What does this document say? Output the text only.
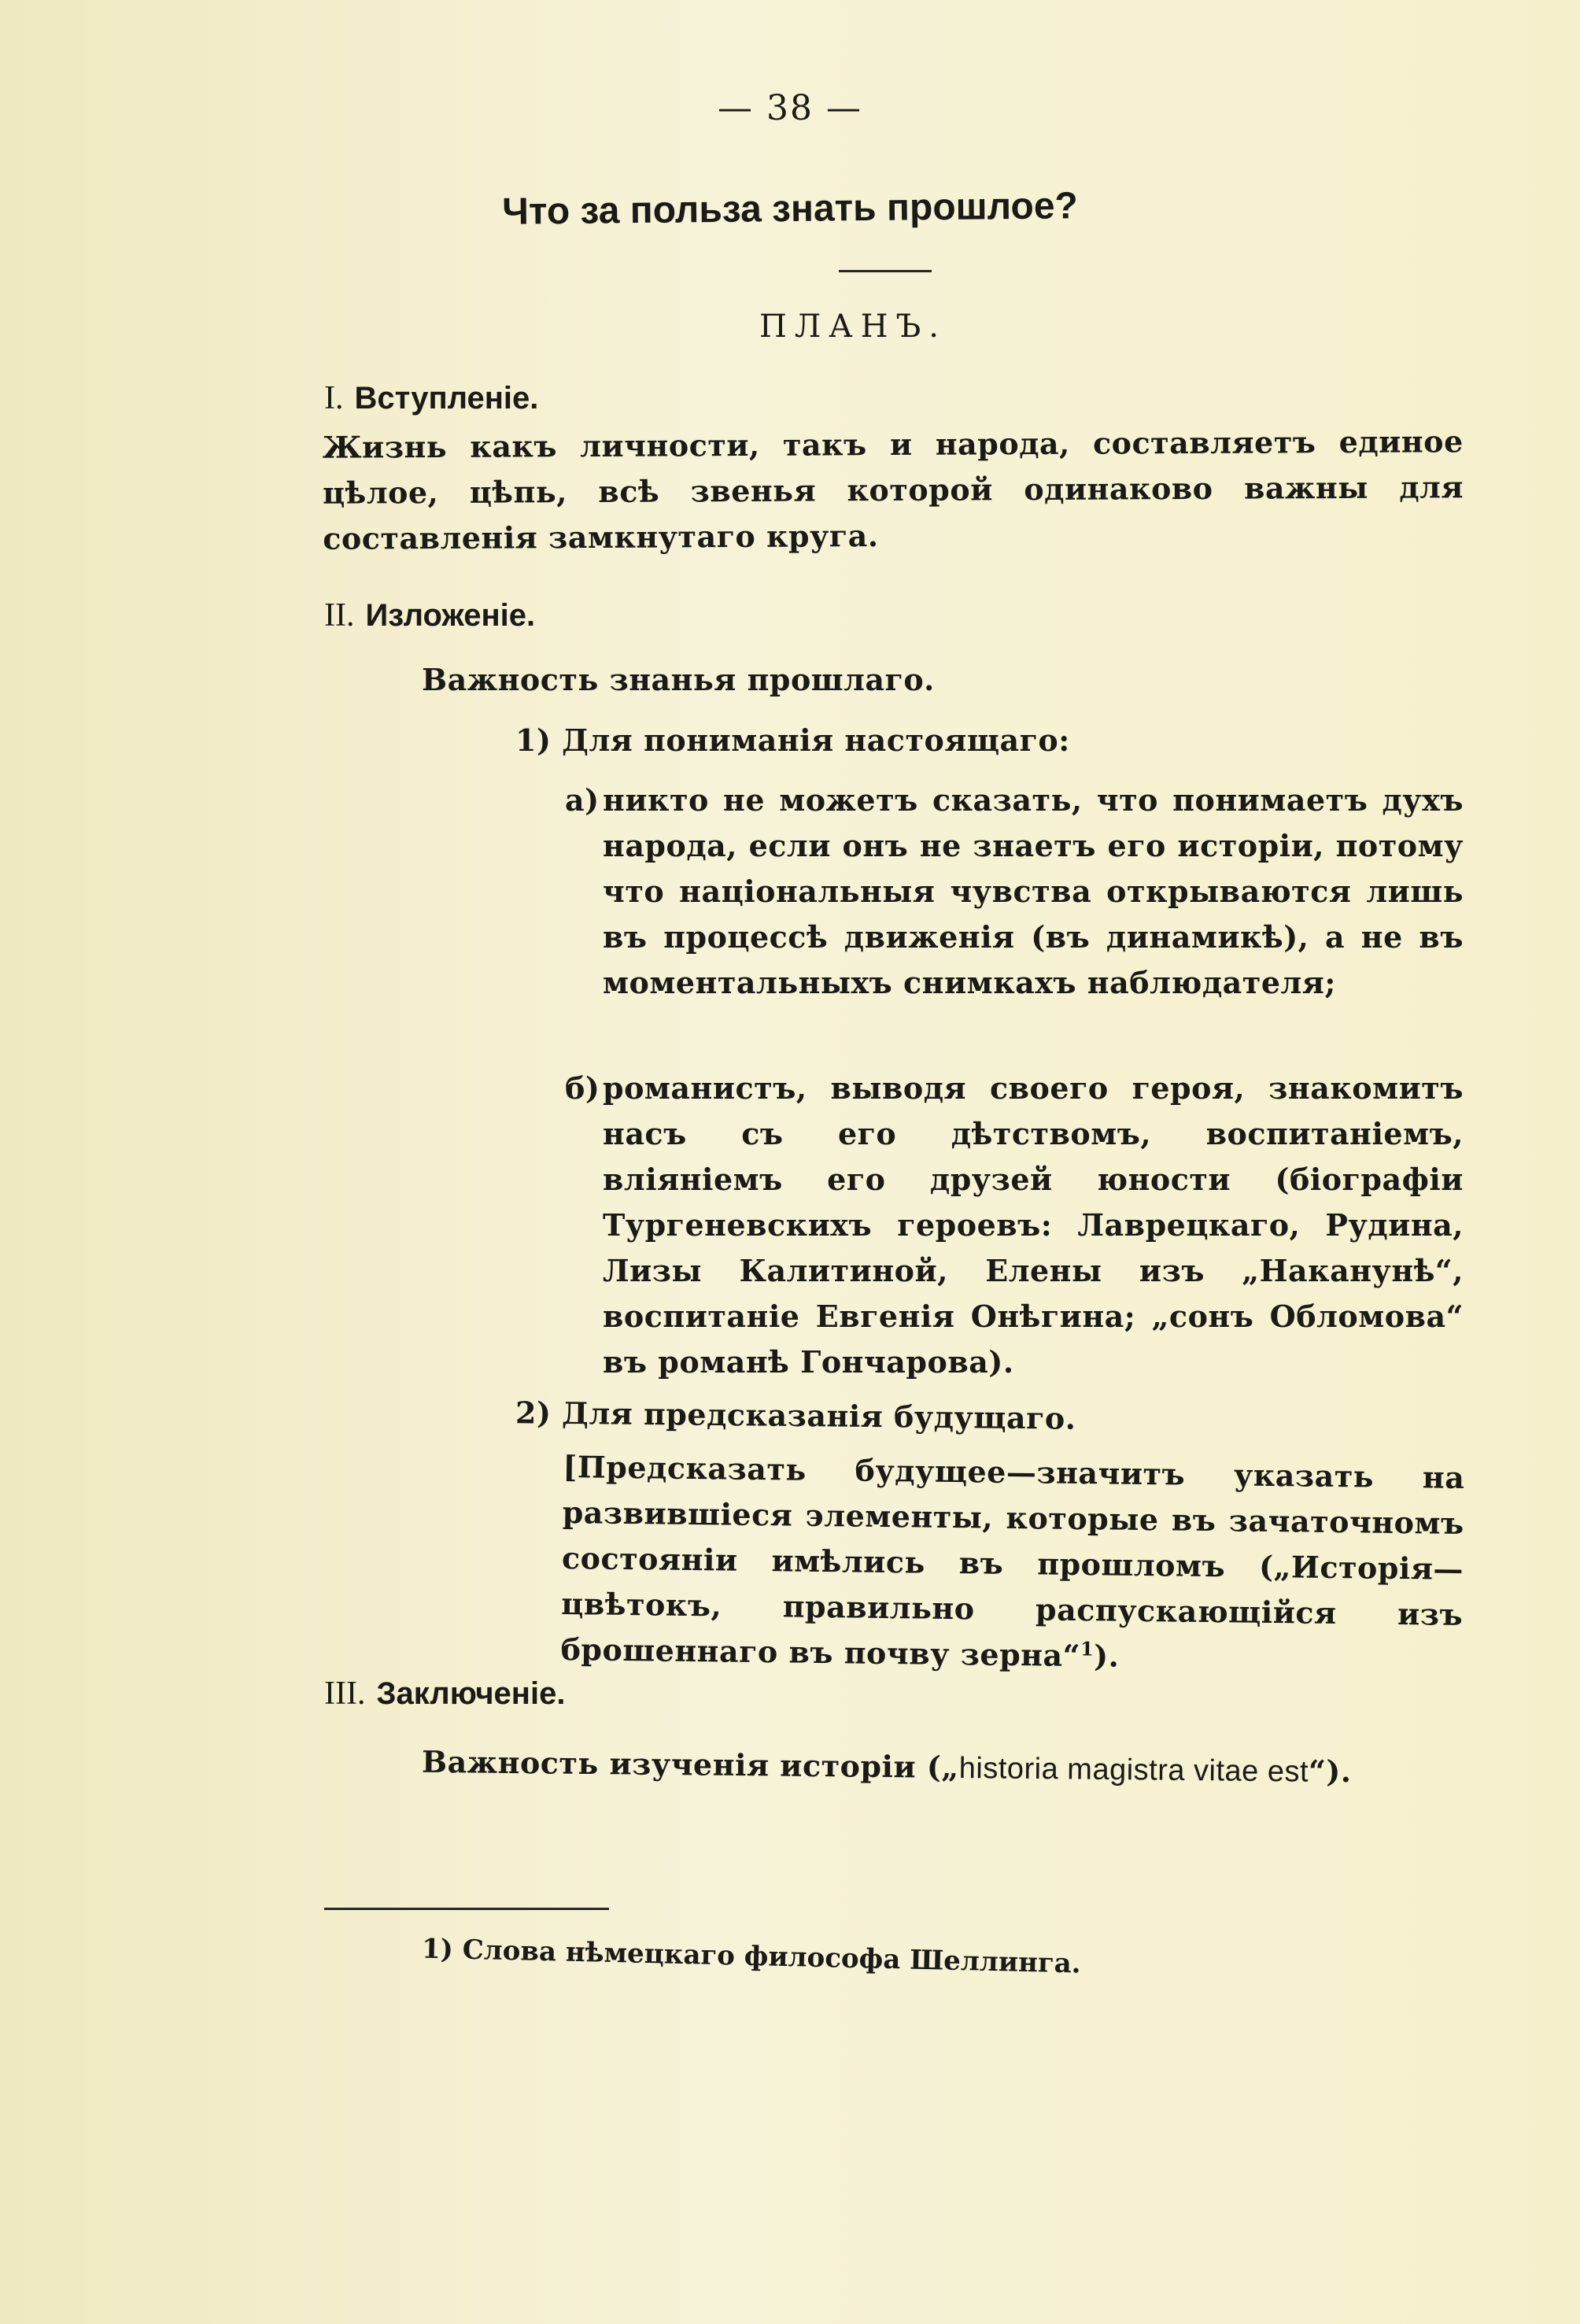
— 38 —

Что за польза знать прошлое?

ПЛАНЪ.

I. Вступленіе.

Жизнь какъ личности, такъ и народа, составляетъ единое цѣлое, цѣпь, всѣ звенья которой одинаково важны для составленія замкнутаго круга.

II. Изложеніе.

Важность знанья прошлаго.

1) Для пониманія настоящаго:

а) никто не можетъ сказать, что понимаетъ духъ народа, если онъ не знаетъ его исторіи, потому что національныя чувства открываются лишь въ процессѣ движенія (въ динамикѣ), а не въ моментальныхъ снимкахъ наблюдателя;
б) романистъ, выводя своего героя, знакомитъ насъ съ его дѣтствомъ, воспитаніемъ, вліяніемъ его друзей юности (біографіи Тургеневскихъ героевъ: Лаврецкаго, Рудина, Лизы Калитиной, Елены изъ „Наканунѣ“, воспитаніе Евгенія Онѣгина; „сонъ Обломова“ въ романѣ Гончарова).

2) Для предсказанія будущаго.

[Предсказать будущее—значитъ указать на развившіеся элементы, которые въ зачаточномъ состояніи имѣлись въ прошломъ („Исторія—цвѣтокъ, правильно распускающійся изъ брошеннаго въ почву зерна“$^1$).

III. Заключеніе.

Важность изученія исторіи („historia magistra vitae est“).

1) Слова нѣмецкаго философа Шеллинга.
